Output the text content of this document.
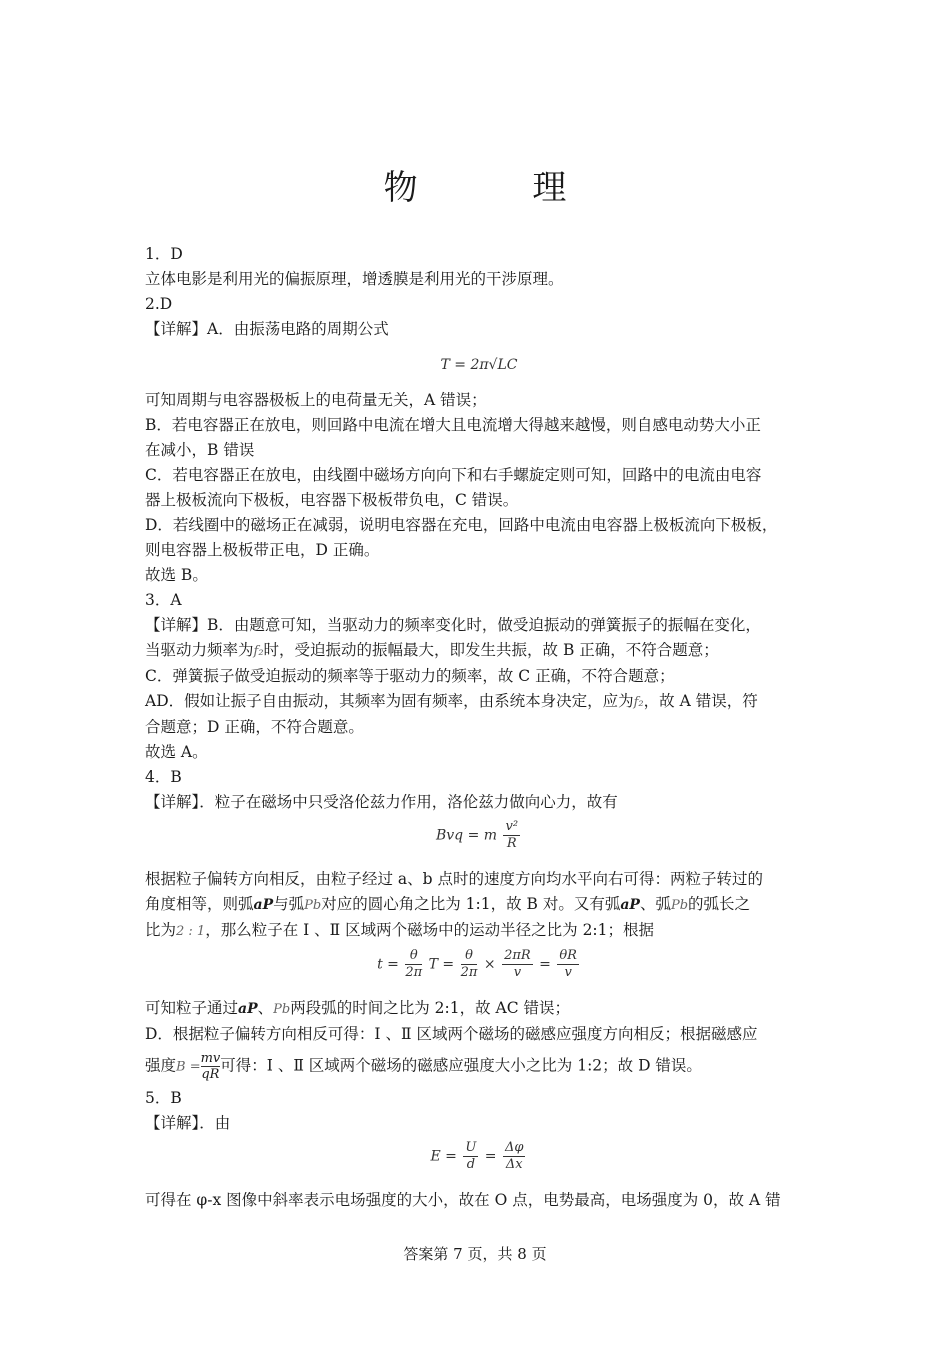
物 理
1．D
立体电影是利用光的偏振原理，增透膜是利用光的干涉原理。
2.D
【详解】A．由振荡电路的周期公式
T = 2π√LC
可知周期与电容器极板上的电荷量无关，A 错误；
B．若电容器正在放电，则回路中电流在增大且电流增大得越来越慢，则自感电动势大小正
在减小，B 错误
C．若电容器正在放电，由线圈中磁场方向向下和右手螺旋定则可知，回路中的电流由电容
器上极板流向下极板，电容器下极板带负电，C 错误。
D．若线圈中的磁场正在减弱，说明电容器在充电，回路中电流由电容器上极板流向下极板，
则电容器上极板带正电，D 正确。
故选 B。
3．A
【详解】B．由题意可知，当驱动力的频率变化时，做受迫振动的弹簧振子的振幅在变化，
当驱动力频率为f₂时，受迫振动的振幅最大，即发生共振，故 B 正确，不符合题意；
C．弹簧振子做受迫振动的频率等于驱动力的频率，故 C 正确，不符合题意；
AD．假如让振子自由振动，其频率为固有频率，由系统本身决定，应为f₂，故 A 错误，符
合题意；D 正确，不符合题意。
故选 A。
4．B
【详解】．粒子在磁场中只受洛伦兹力作用，洛伦兹力做向心力，故有
Bvq = m $\frac{\text{v²}}{R}$
根据粒子偏转方向相反，由粒子经过 a、b 点时的速度方向均水平向右可得：两粒子转过的
角度相等，则弧aP与弧Pb对应的圆心角之比为 1:1，故 B 对。又有弧aP、弧Pb的弧长之
比为2 : 1，那么粒子在 Ⅰ 、Ⅱ 区域两个磁场中的运动半径之比为 2:1；根据
$t = \frac{\theta}{2\pi}$ $T = \frac{\theta}{2\pi} \times \frac{2\pi R}{v} = \frac{\theta R}{v}$
可知粒子通过aP、Pb两段弧的时间之比为 2:1，故 AC 错误；
D．根据粒子偏转方向相反可得：Ⅰ 、Ⅱ 区域两个磁场的磁感应强度方向相反；根据磁感应
强度$B = \frac{mv}{qR}$ 可得：Ⅰ 、Ⅱ 区域两个磁场的磁感应强度大小之比为 1:2；故 D 错误。
5．B
【详解】．由
$E = \frac{U}{d} = \frac{\Delta\varphi}{\Delta x}$
可得在 φ-x 图像中斜率表示电场强度的大小，故在 O 点，电势最高，电场强度为 0，故 A 错
答案第 7 页，共 8 页
